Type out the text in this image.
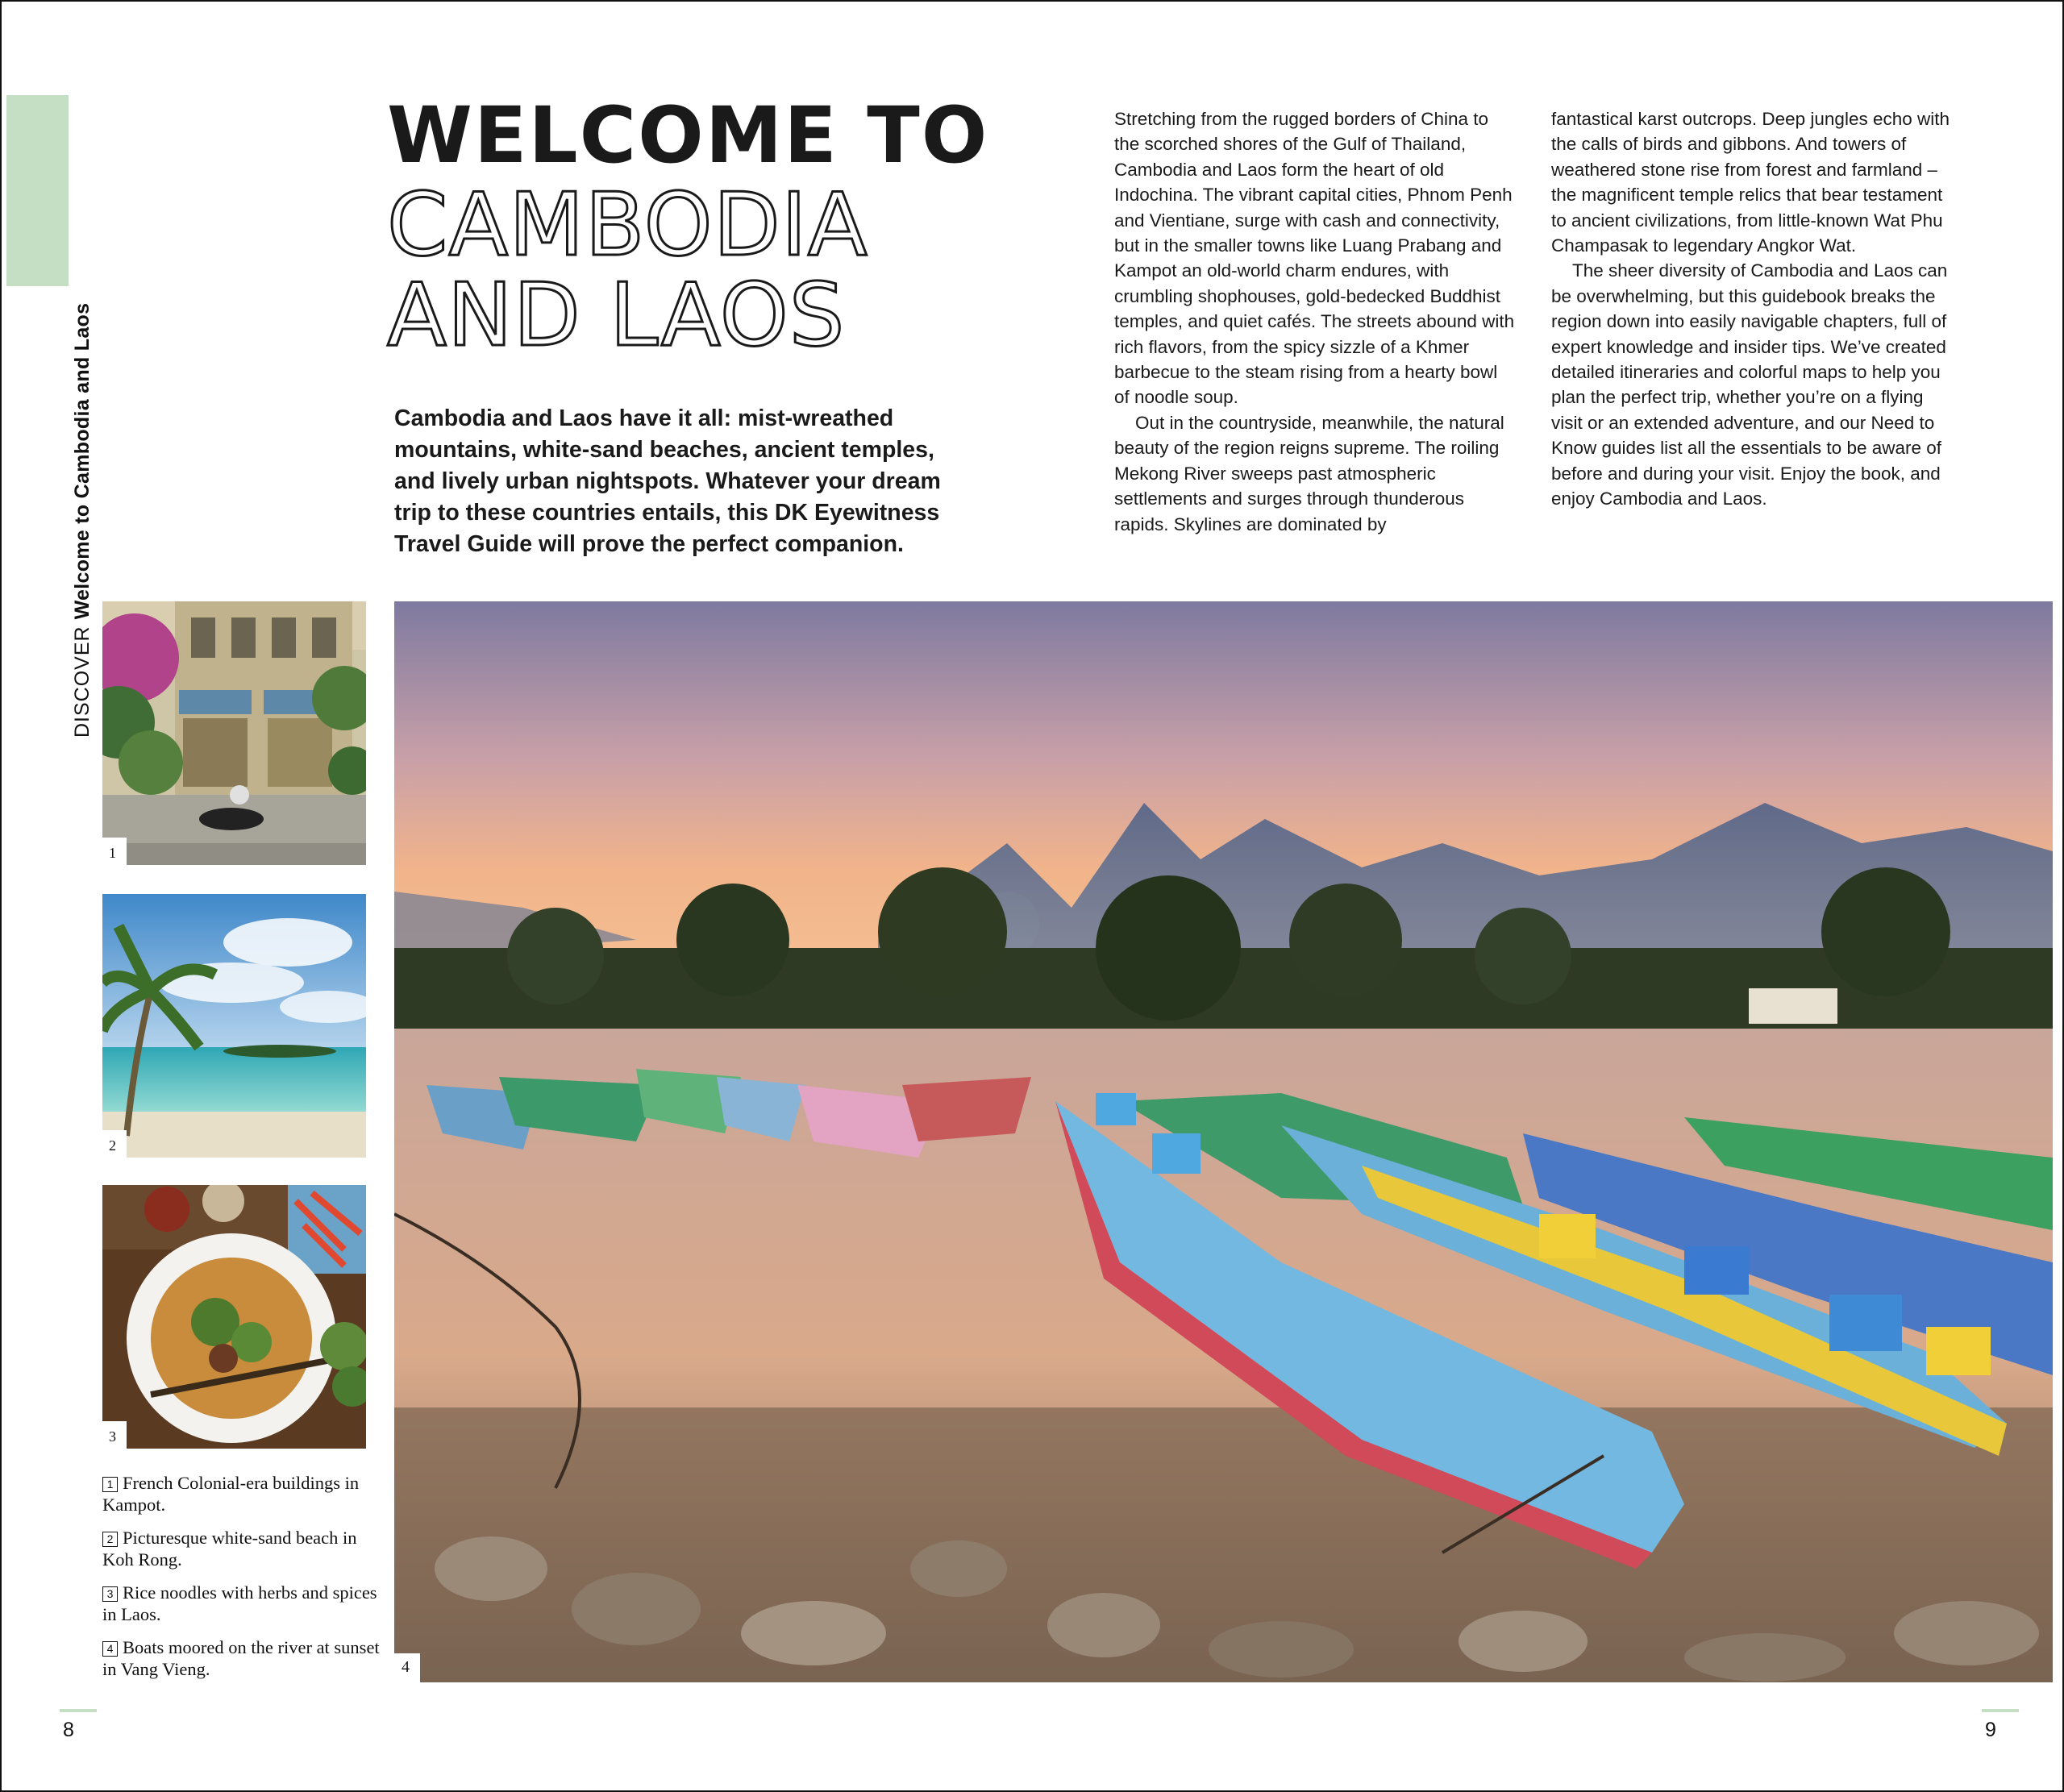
DISCOVERWelcome to Cambodia and Laos
WELCOME TO
CAMBODIA
AND LAOS

Cambodia and Laos have it all: mist-wreathed mountains, white-sand beaches, ancient temples, and lively urban nightspots. Whatever your dream trip to these countries entails, this DK Eyewitness Travel Guide will prove the perfect companion.

Stretching from the rugged borders of China to the scorched shores of the Gulf of Thailand, Cambodia and Laos form the heart of old Indochina. The vibrant capital cities, Phnom Penh and Vientiane, surge with cash and connectivity, but in the smaller towns like Luang Prabang and Kampot an old-world charm endures, with crumbling shophouses, gold-bedecked Buddhist temples, and quiet cafés. The streets abound with rich flavors, from the spicy sizzle of a Khmer barbecue to the steam rising from a hearty bowl of noodle soup.

Out in the countryside, meanwhile, the natural beauty of the region reigns supreme. The roiling Mekong River sweeps past atmospheric settlements and surges through thunderous rapids. Skylines are dominated by

fantastical karst outcrops. Deep jungles echo with the calls of birds and gibbons. And towers of weathered stone rise from forest and farmland – the magnificent temple relics that bear testament to ancient civilizations, from little-known Wat Phu Champasak to legendary Angkor Wat.

The sheer diversity of Cambodia and Laos can be overwhelming, but this guidebook breaks the region down into easily navigable chapters, full of expert knowledge and insider tips. We’ve created detailed itineraries and colorful maps to help you plan the perfect trip, whether you’re on a flying visit or an extended adventure, and our Need to Know guides list all the essentials to be aware of before and during your visit. Enjoy the book, and enjoy Cambodia and Laos.

1
2
3
4

1 French Colonial-era buildings in Kampot.

2 Picturesque white-sand beach in Koh Rong.

3 Rice noodles with herbs and spices in Laos.

4 Boats moored on the river at sunset in Vang Vieng.

8	9
